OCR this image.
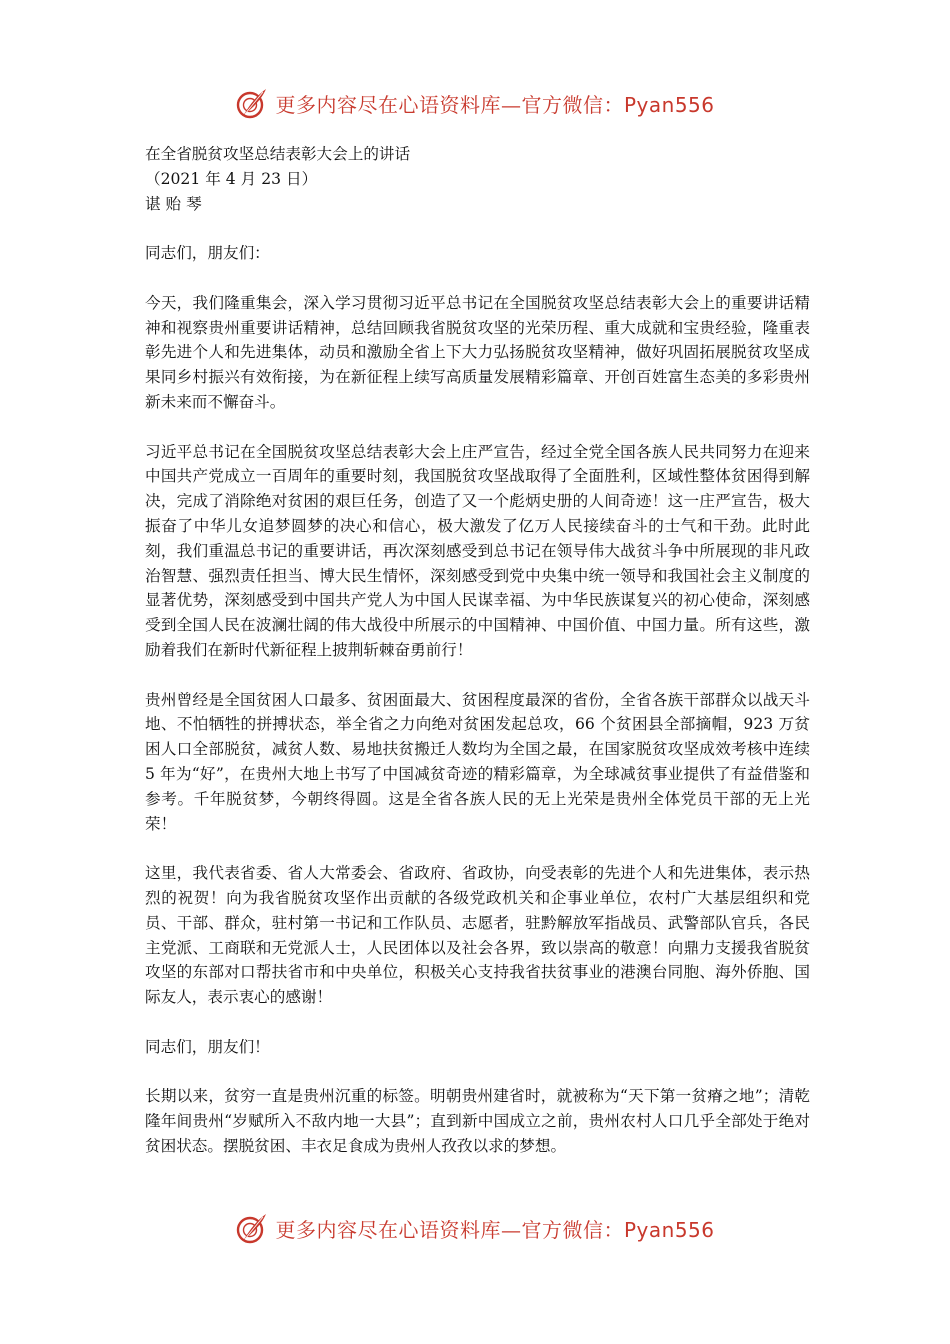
更多内容尽在心语资料库—官方微信：Pyan556

在全省脱贫攻坚总结表彰大会上的讲话

（2021 年 4 月 23 日）

谌 贻 琴

同志们，朋友们：

今天，我们隆重集会，深入学习贯彻习近平总书记在全国脱贫攻坚总结表彰大会上的重要讲话精神和视察贵州重要讲话精神，总结回顾我省脱贫攻坚的光荣历程、重大成就和宝贵经验，隆重表彰先进个人和先进集体，动员和激励全省上下大力弘扬脱贫攻坚精神，做好巩固拓展脱贫攻坚成果同乡村振兴有效衔接，为在新征程上续写高质量发展精彩篇章、开创百姓富生态美的多彩贵州新未来而不懈奋斗。

习近平总书记在全国脱贫攻坚总结表彰大会上庄严宣告，经过全党全国各族人民共同努力在迎来中国共产党成立一百周年的重要时刻，我国脱贫攻坚战取得了全面胜利，区域性整体贫困得到解决，完成了消除绝对贫困的艰巨任务，创造了又一个彪炳史册的人间奇迹！这一庄严宣告，极大振奋了中华儿女追梦圆梦的决心和信心，极大激发了亿万人民接续奋斗的士气和干劲。此时此刻，我们重温总书记的重要讲话，再次深刻感受到总书记在领导伟大战贫斗争中所展现的非凡政治智慧、强烈责任担当、博大民生情怀，深刻感受到党中央集中统一领导和我国社会主义制度的显著优势，深刻感受到中国共产党人为中国人民谋幸福、为中华民族谋复兴的初心使命，深刻感受到全国人民在波澜壮阔的伟大战役中所展示的中国精神、中国价值、中国力量。所有这些，激励着我们在新时代新征程上披荆斩棘奋勇前行！

贵州曾经是全国贫困人口最多、贫困面最大、贫困程度最深的省份，全省各族干部群众以战天斗地、不怕牺牲的拼搏状态，举全省之力向绝对贫困发起总攻，66 个贫困县全部摘帽，923 万贫困人口全部脱贫，减贫人数、易地扶贫搬迁人数均为全国之最，在国家脱贫攻坚成效考核中连续 5 年为“好”，在贵州大地上书写了中国减贫奇迹的精彩篇章，为全球减贫事业提供了有益借鉴和参考。千年脱贫梦，今朝终得圆。这是全省各族人民的无上光荣是贵州全体党员干部的无上光荣！

这里，我代表省委、省人大常委会、省政府、省政协，向受表彰的先进个人和先进集体，表示热烈的祝贺！向为我省脱贫攻坚作出贡献的各级党政机关和企事业单位，农村广大基层组织和党员、干部、群众，驻村第一书记和工作队员、志愿者，驻黔解放军指战员、武警部队官兵，各民主党派、工商联和无党派人士，人民团体以及社会各界，致以崇高的敬意！向鼎力支援我省脱贫攻坚的东部对口帮扶省市和中央单位，积极关心支持我省扶贫事业的港澳台同胞、海外侨胞、国际友人，表示衷心的感谢！

同志们，朋友们！

长期以来，贫穷一直是贵州沉重的标签。明朝贵州建省时，就被称为“天下第一贫瘠之地”；清乾隆年间贵州“岁赋所入不敌内地一大县”；直到新中国成立之前，贵州农村人口几乎全部处于绝对贫困状态。摆脱贫困、丰衣足食成为贵州人孜孜以求的梦想。

更多内容尽在心语资料库—官方微信：Pyan556
